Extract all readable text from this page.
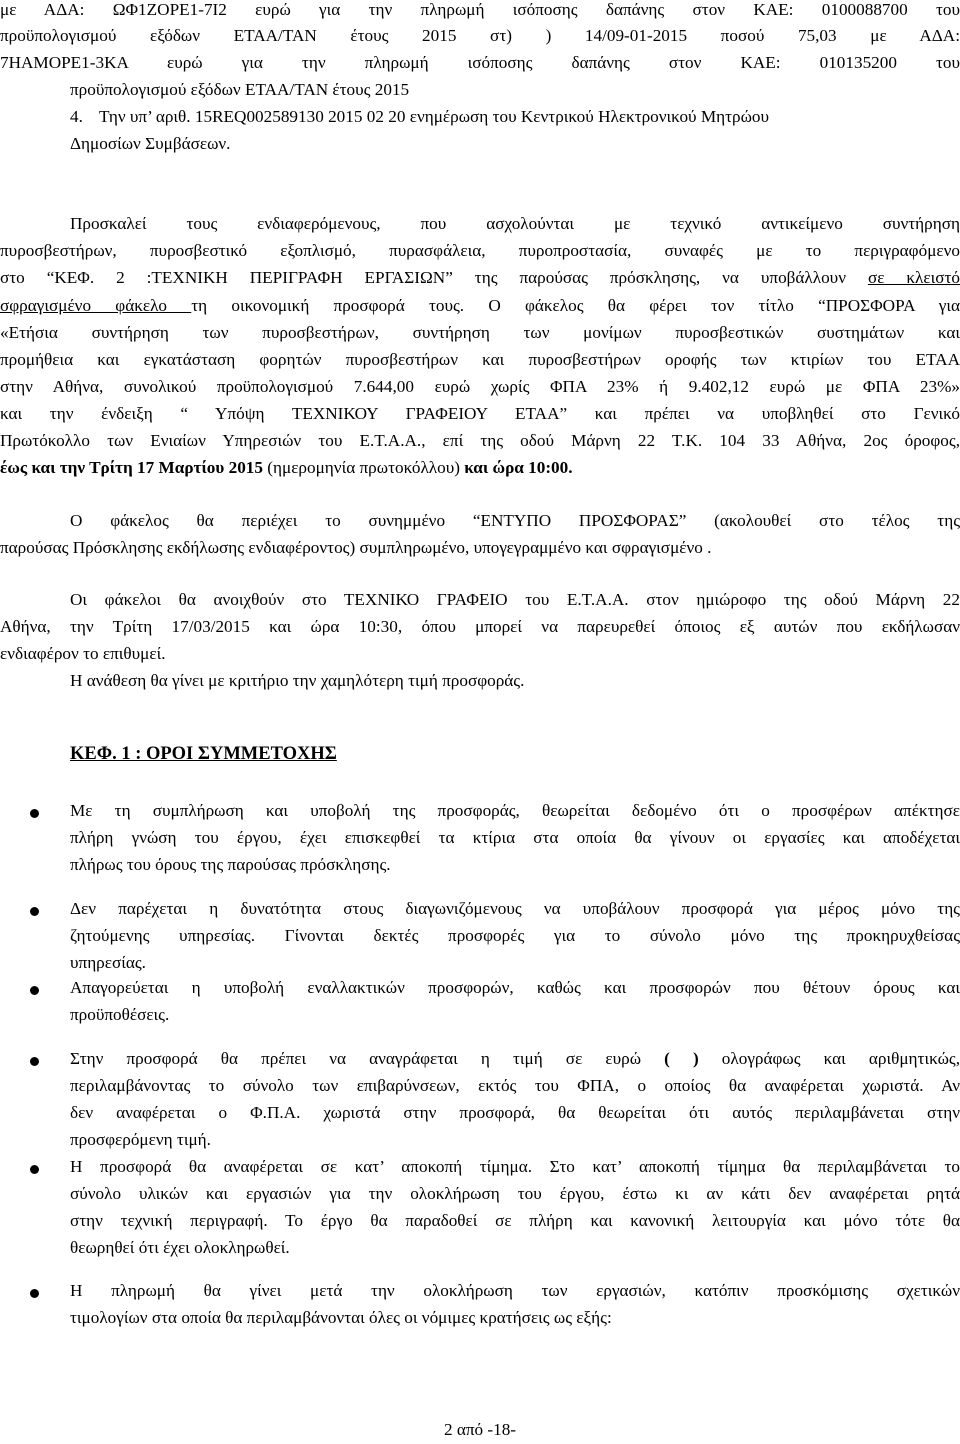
με ΑΔΑ: ΩΦ1ΖΟΡΕ1-7Ι2 ευρώ για την πληρωμή ισόποσης δαπάνης στον ΚΑΕ: 0100088700 του
προϋπολογισμού εξόδων ΕΤΑΑ/ΤΑΝ έτους 2015 στ) ) 14/09-01-2015 ποσού 75,03 με ΑΔΑ:
7ΗΑΜΟΡΕ1-3ΚΑ ευρώ για την πληρωμή ισόποσης δαπάνης στον ΚΑΕ: 010135200 του
προϋπολογισμού εξόδων ΕΤΑΑ/ΤΑΝ έτους 2015
4. Την υπ’ αριθ. 15REQ002589130 2015 02 20 ενημέρωση του Κεντρικού Ηλεκτρονικού Μητρώου
Δημοσίων Συμβάσεων.
Προσκαλεί τους ενδιαφερόμενους, που ασχολούνται με τεχνικό αντικείμενο συντήρηση
πυροσβεστήρων, πυροσβεστικό εξοπλισμό, πυρασφάλεια, πυροπροστασία, συναφές με το περιγραφόμενο
στο “ΚΕΦ. 2 :ΤΕΧΝΙΚΗ ΠΕΡΙΓΡΑΦΗ ΕΡΓΑΣΙΩΝ” της παρούσας πρόσκλησης, να υποβάλλουν σε κλειστό
σφραγισμένο φάκελο τη οικονομική προσφορά τους. Ο φάκελος θα φέρει τον τίτλο “ΠΡΟΣΦΟΡΑ για
«Ετήσια συντήρηση των πυροσβεστήρων, συντήρηση των μονίμων πυροσβεστικών συστημάτων και
προμήθεια και εγκατάσταση φορητών πυροσβεστήρων και πυροσβεστήρων οροφής των κτιρίων του ΕΤΑΑ
στην Αθήνα, συνολικού προϋπολογισμού 7.644,00 ευρώ χωρίς ΦΠΑ 23% ή 9.402,12 ευρώ με ΦΠΑ 23%»
και την ένδειξη “ Υπόψη ΤΕΧΝΙΚΟΥ ΓΡΑΦΕΙΟΥ ΕΤΑΑ” και πρέπει να υποβληθεί στο Γενικό
Πρωτόκολλο των Ενιαίων Υπηρεσιών του Ε.Τ.Α.Α., επί της οδού Μάρνη 22 Τ.Κ. 104 33 Αθήνα, 2ος όροφος,
έως και την Τρίτη 17 Μαρτίου 2015 (ημερομηνία πρωτοκόλλου) και ώρα 10:00.
Ο φάκελος θα περιέχει το συνημμένο “ΕΝΤΥΠΟ ΠΡΟΣΦΟΡΑΣ” (ακολουθεί στο τέλος της
παρούσας Πρόσκλησης εκδήλωσης ενδιαφέροντος) συμπληρωμένο, υπογεγραμμένο και σφραγισμένο .
Οι φάκελοι θα ανοιχθούν στο ΤΕΧΝΙΚΟ ΓΡΑΦΕΙΟ του Ε.Τ.Α.Α. στον ημιώροφο της οδού Μάρνη 22
Αθήνα, την Τρίτη 17/03/2015 και ώρα 10:30, όπου μπορεί να παρευρεθεί όποιος εξ αυτών που εκδήλωσαν
ενδιαφέρον το επιθυμεί.
Η ανάθεση θα γίνει με κριτήριο την χαμηλότερη τιμή προσφοράς.
ΚΕΦ. 1 : ΟΡΟΙ ΣΥΜΜΕΤΟΧΗΣ
Με τη συμπλήρωση και υποβολή της προσφοράς, θεωρείται δεδομένο ότι ο προσφέρων απέκτησε
πλήρη γνώση του έργου, έχει επισκεφθεί τα κτίρια στα οποία θα γίνουν οι εργασίες και αποδέχεται
πλήρως του όρους της παρούσας πρόσκλησης.
Δεν παρέχεται η δυνατότητα στους διαγωνιζόμενους να υποβάλουν προσφορά για μέρος μόνο της
ζητούμενης υπηρεσίας. Γίνονται δεκτές προσφορές για το σύνολο μόνο της προκηρυχθείσας
υπηρεσίας.
Απαγορεύεται η υποβολή εναλλακτικών προσφορών, καθώς και προσφορών που θέτουν όρους και
προϋποθέσεις.
Στην προσφορά θα πρέπει να αναγράφεται η τιμή σε ευρώ ( ) ολογράφως και αριθμητικώς,
περιλαμβάνοντας το σύνολο των επιβαρύνσεων, εκτός του ΦΠΑ, ο οποίος θα αναφέρεται χωριστά. Αν
δεν αναφέρεται ο Φ.Π.Α. χωριστά στην προσφορά, θα θεωρείται ότι αυτός περιλαμβάνεται στην
προσφερόμενη τιμή.
Η προσφορά θα αναφέρεται σε κατ’ αποκοπή τίμημα. Στο κατ’ αποκοπή τίμημα θα περιλαμβάνεται το
σύνολο υλικών και εργασιών για την ολοκλήρωση του έργου, έστω κι αν κάτι δεν αναφέρεται ρητά
στην τεχνική περιγραφή. Το έργο θα παραδοθεί σε πλήρη και κανονική λειτουργία και μόνο τότε θα
θεωρηθεί ότι έχει ολοκληρωθεί.
Η πληρωμή θα γίνει μετά την ολοκλήρωση των εργασιών, κατόπιν προσκόμισης σχετικών
τιμολογίων στα οποία θα περιλαμβάνονται όλες οι νόμιμες κρατήσεις ως εξής:
2 από -18-
